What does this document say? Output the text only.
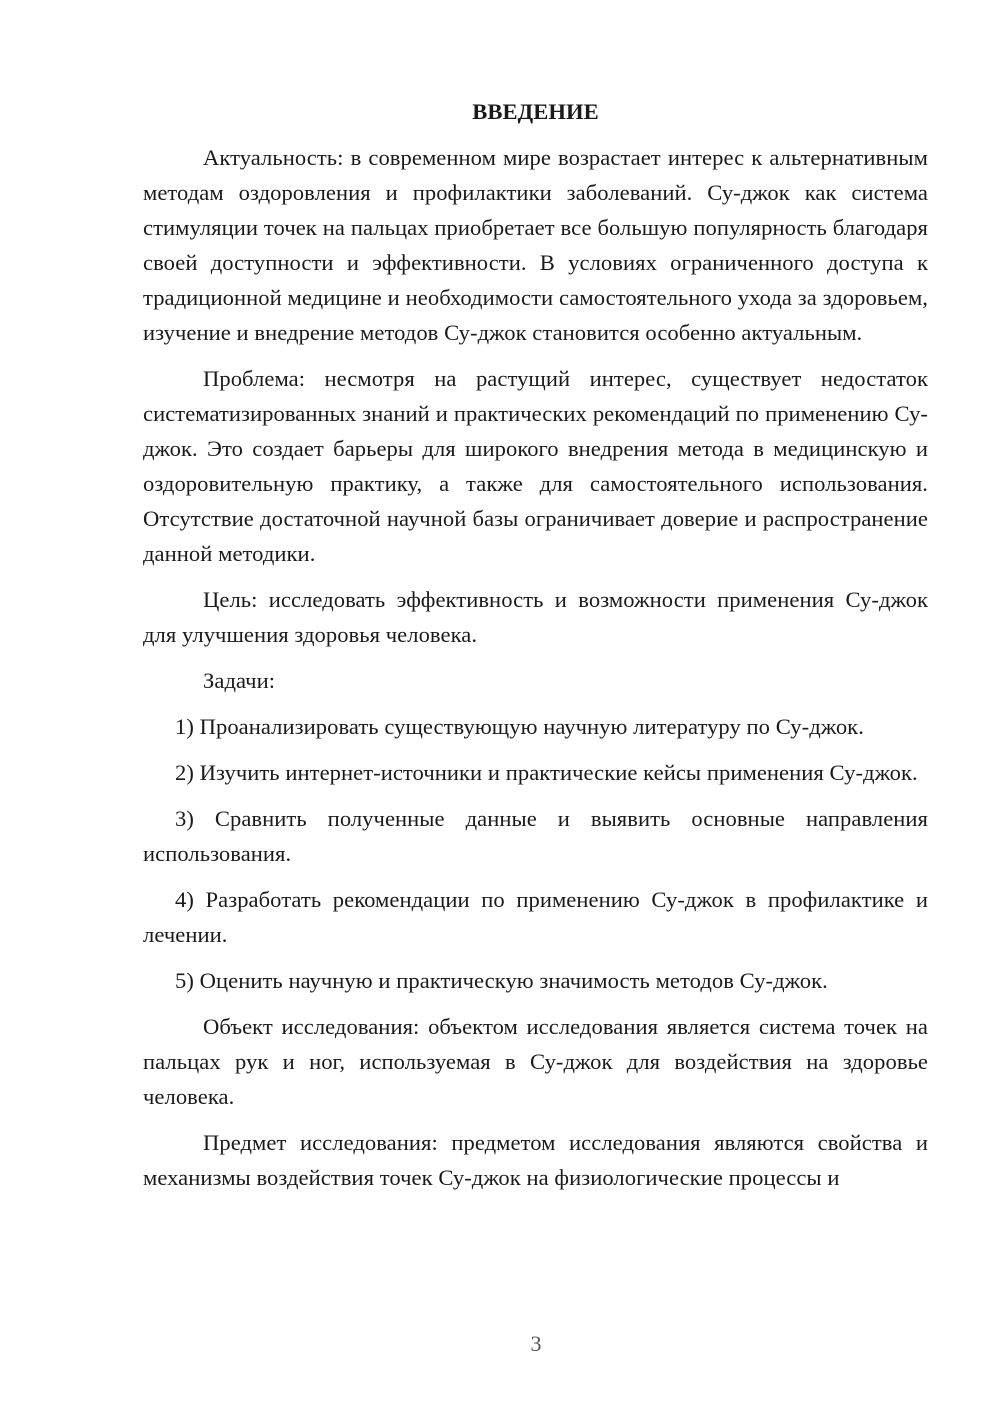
ВВЕДЕНИЕ

Актуальность: в современном мире возрастает интерес к альтернативным методам оздоровления и профилактики заболеваний. Су-джок как система стимуляции точек на пальцах приобретает все большую популярность благодаря своей доступности и эффективности. В условиях ограниченного доступа к традиционной медицине и необходимости самостоятельного ухода за здоровьем, изучение и внедрение методов Су-джок становится особенно актуальным.

Проблема: несмотря на растущий интерес, существует недостаток систематизированных знаний и практических рекомендаций по применению Су-джок. Это создает барьеры для широкого внедрения метода в медицинскую и оздоровительную практику, а также для самостоятельного использования. Отсутствие достаточной научной базы ограничивает доверие и распространение данной методики.

Цель: исследовать эффективность и возможности применения Су-джок для улучшения здоровья человека.

Задачи:

1) Проанализировать существующую научную литературу по Су-джок.

2) Изучить интернет-источники и практические кейсы применения Су-джок.

3) Сравнить полученные данные и выявить основные направления использования.

4) Разработать рекомендации по применению Су-джок в профилактике и лечении.

5) Оценить научную и практическую значимость методов Су-джок.

Объект исследования: объектом исследования является система точек на пальцах рук и ног, используемая в Су-джок для воздействия на здоровье человека.

Предмет исследования: предметом исследования являются свойства и механизмы воздействия точек Су-джок на физиологические процессы и

3
